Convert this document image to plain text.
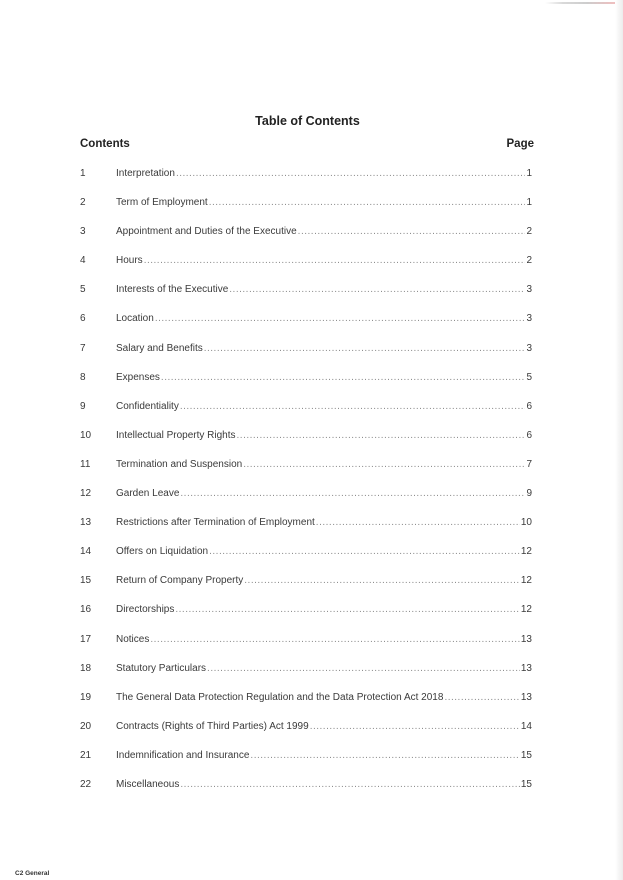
Table of Contents
Contents	Page
1	Interpretation .....	1
2	Term of Employment .....	1
3	Appointment and Duties of the Executive .....	2
4	Hours .....	2
5	Interests of the Executive .....	3
6	Location .....	3
7	Salary and Benefits .....	3
8	Expenses .....	5
9	Confidentiality .....	6
10	Intellectual Property Rights .....	6
11	Termination and Suspension .....	7
12	Garden Leave .....	9
13	Restrictions after Termination of Employment .....	10
14	Offers on Liquidation .....	12
15	Return of Company Property .....	12
16	Directorships .....	12
17	Notices .....	13
18	Statutory Particulars .....	13
19	The General Data Protection Regulation and the Data Protection Act 2018 .....	13
20	Contracts (Rights of Third Parties) Act 1999 .....	14
21	Indemnification and Insurance .....	15
22	Miscellaneous .....	15
C2 General
